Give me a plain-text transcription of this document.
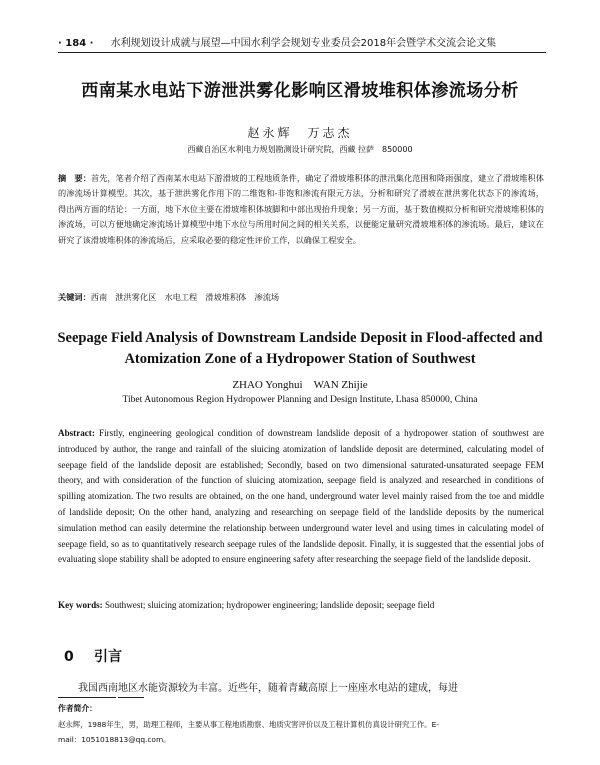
· 184 · 水利规划设计成就与展望—中国水利学会规划专业委员会2018年会暨学术交流会论文集
西南某水电站下游泄洪雾化影响区滑坡堆积体渗流场分析
赵永辉　万志杰
西藏自治区水利电力规划勘测设计研究院，西藏 拉萨　850000
摘　要：首先，笔者介绍了西南某水电站下游滑坡的工程地质条件，确定了滑坡堆积体的泄汛集化范围和降雨强度，建立了滑坡堆积体的渗流场计算模型。其次，基于泄洪雾化作用下的二维饱和-非饱和渗流有限元方法，分析和研究了滑坡在泄洪雾化状态下的渗流场，得出两方面的结论：一方面，地下水位主要在滑坡堆积体坡脚和中部出现抬升现象；另一方面，基于数值模拟分析和研究滑坡堆积体的渗流场，可以方便地确定渗流场计算模型中地下水位与所用时间之间的相关关系，以便能定量研究滑坡堆积体的渗流场。最后，建议在研究了该滑坡堆积体的渗流场后，应采取必要的稳定性评价工作，以确保工程安全。
关键词：西南　泄洪雾化区　水电工程　滑坡堆积体　渗流场
Seepage Field Analysis of Downstream Landside Deposit in Flood-affected and
Atomization Zone of a Hydropower Station of Southwest
ZHAO Yonghui　WAN Zhijie
Tibet Autonomous Region Hydropower Planning and Design Institute, Lhasa 850000, China
Abstract: Firstly, engineering geological condition of downstream landslide deposit of a hydropower station of southwest are introduced by author, the range and rainfall of the sluicing atomization of landslide deposit are determined, calculating model of seepage field of the landslide deposit are established; Secondly, based on two dimensional saturated-unsaturated seepage FEM theory, and with consideration of the function of sluicing atomization, seepage field is analyzed and researched in conditions of spilling atomization. The two results are obtained, on the one hand, underground water level mainly raised from the toe and middle of landslide deposit; On the other hand, analyzing and researching on seepage field of the landslide deposits by the numerical simulation method can easily determine the relationship between underground water level and using times in calculating model of seepage field, so as to quantitatively research seepage rules of the landslide deposit. Finally, it is suggested that the essential jobs of evaluating slope stability shall be adopted to ensure engineering safety after researching the seepage field of the landslide deposit.
Key words: Southwest; sluicing atomization; hydropower engineering; landslide deposit; seepage field
0 引言
我国西南地区水能资源较为丰富。近些年，随着青藏高原上一座座水电站的建成，每进
作者简介：
赵永辉，1988年生，男，助理工程师，主要从事工程地质勘察、地质灾害评价以及工程计算机仿真设计研究工作。E-
mail：1051018813@qq.com。
